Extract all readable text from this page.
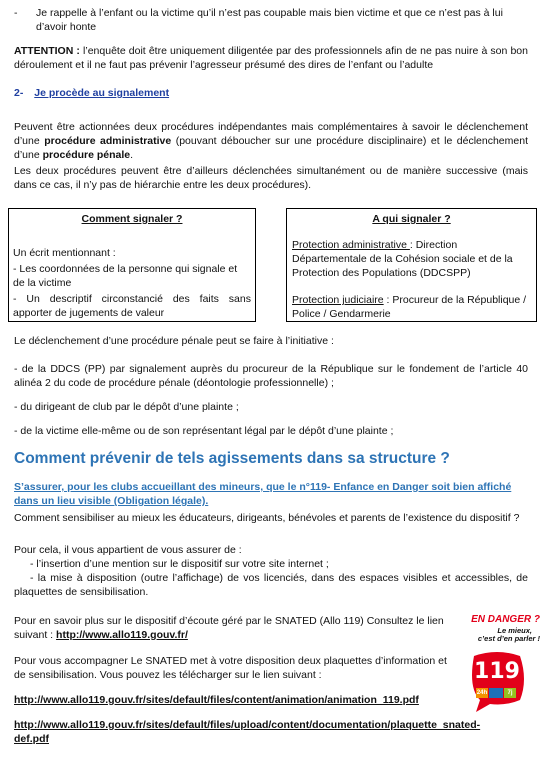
- Je rappelle à l’enfant ou la victime qu’il n’est pas coupable mais bien victime et que ce n’est pas à lui
d’avoir honte
ATTENTION : l’enquête doit être uniquement diligentée par des professionnels afin de ne pas nuire à son bon déroulement et il ne faut pas prévenir l’agresseur présumé des dires de l’enfant ou l’adulte
2- Je procède au signalement
Peuvent être actionnées deux procédures indépendantes mais complémentaires à savoir le déclenchement d’une procédure administrative (pouvant déboucher sur une procédure disciplinaire) et le déclenchement d’une procédure pénale.
Les deux procédures peuvent être d’ailleurs déclenchées simultanément ou de manière successive (mais dans ce cas, il n’y pas de hiérarchie entre les deux procédures).
Comment signaler ?
Un écrit mentionnant :
- Les coordonnées de la personne qui signale et de la victime
- Un descriptif circonstancié des faits sans apporter de jugements de valeur
A qui signaler ?
Protection administrative : Direction Départementale de la Cohésion sociale et de la Protection des Populations (DDCSPP)
Protection judiciaire : Procureur de la République / Police / Gendarmerie
Le déclenchement d’une procédure pénale peut se faire à l’initiative :
- de la DDCS (PP) par signalement auprès du procureur de la République sur le fondement de l’article 40 alinéa 2 du code de procédure pénale (déontologie professionnelle) ;
- du dirigeant de club par le dépôt d’une plainte ;
- de la victime elle-même ou de son représentant légal par le dépôt d’une plainte ;
Comment prévenir de tels agissements dans sa structure ?
S’assurer, pour les clubs accueillant des mineurs, que le n°119- Enfance en Danger soit bien affiché dans un lieu visible (Obligation légale).
Comment sensibiliser au mieux les éducateurs, dirigeants, bénévoles et parents de l’existence du dispositif ?
Pour cela, il vous appartient de vous assurer de :
- l’insertion d’une mention sur le dispositif sur votre site internet ;
- la mise à disposition (outre l’affichage) de vos licenciés, dans des espaces visibles et accessibles, de plaquettes de sensibilisation.
Pour en savoir plus sur le dispositif d’écoute géré par le SNATED (Allo 119) Consultez le lien suivant : http://www.allo119.gouv.fr/
Pour vous accompagner Le SNATED met à votre disposition deux plaquettes d’information et de sensibilisation. Vous pouvez les télécharger sur le lien suivant :
http://www.allo119.gouv.fr/sites/default/files/content/animation/animation_119.pdf
http://www.allo119.gouv.fr/sites/default/files/upload/content/documentation/plaquette_snated-
def.pdf
EN DANGER ?
Le mieux,
c’est d’en parler !
119
24h	7j
